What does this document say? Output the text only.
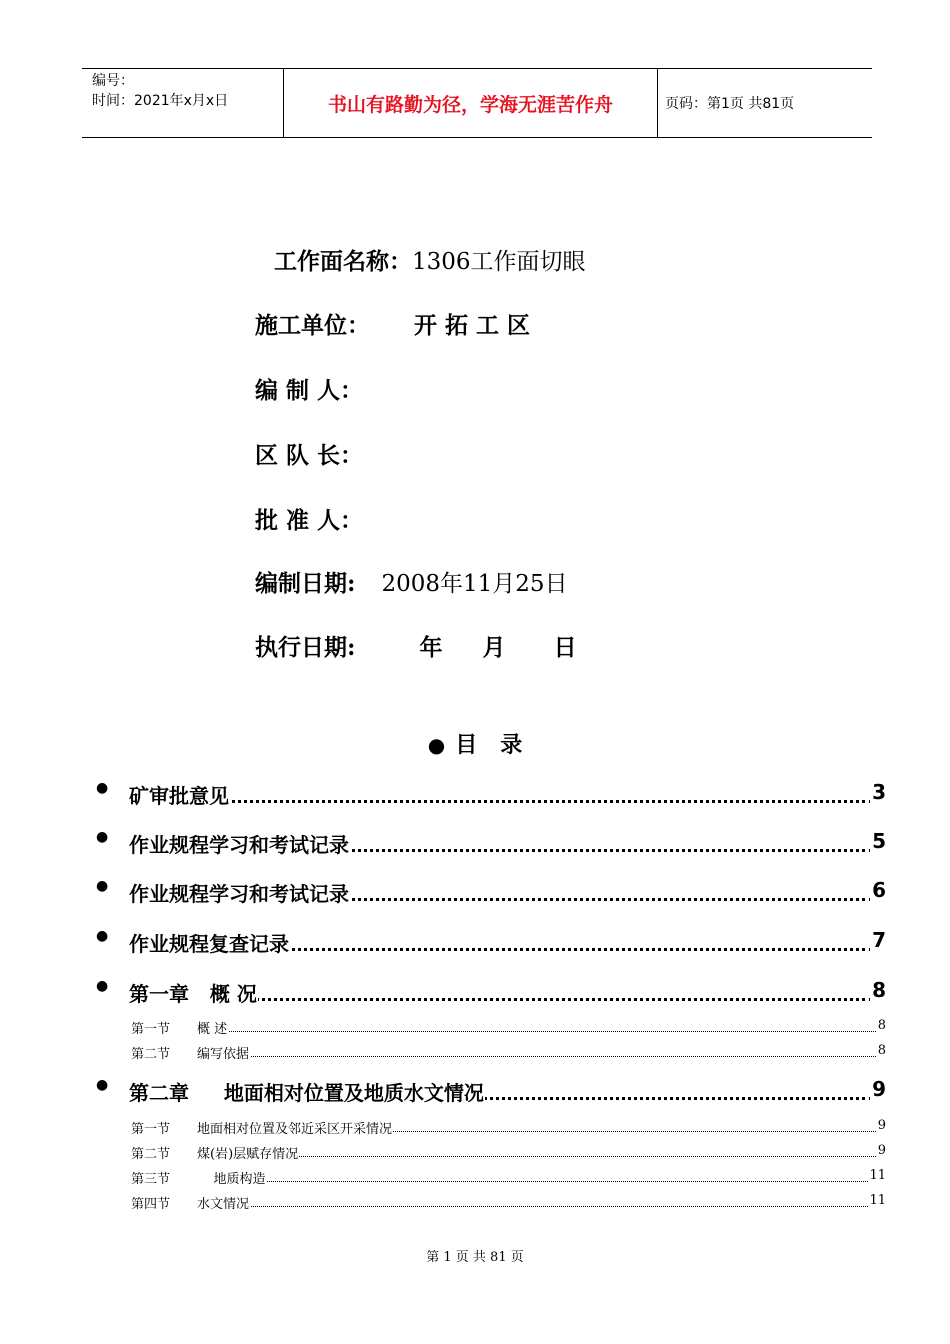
编号：
时间：2021年x月x日	书山有路勤为径，学海无涯苦作舟	页码：第1页 共81页
工作面名称：1306工作面切眼
施工单位： 开 拓 工 区
编 制 人：
区 队 长：
批 准 人：
编制日期: 2008年11月25日
执行日期:	年     月      日
● 目   录
● 矿审批意见	3
● 作业规程学习和考试记录	5
● 作业规程学习和考试记录	6
● 作业规程复查记录	7
● 第一章   概 况	8
第一节 概 述	8
第二节 编写依据	8
● 第二章     地面相对位置及地质水文情况	9
第一节 地面相对位置及邻近采区开采情况	9
第二节 煤(岩)层赋存情况	9
第三节 地质构造	11
第四节 水文情况	11
第 1 页 共 81 页
